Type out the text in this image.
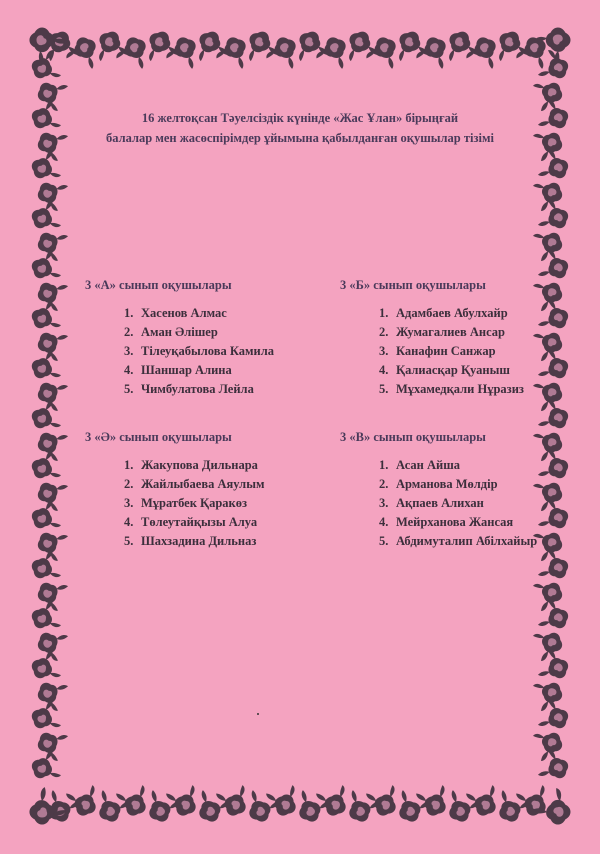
16 желтоқсан Тәуелсіздік күнінде «Жас Ұлан» бірыңғай
балалар мен жасөспірімдер ұйымына қабылданған оқушылар тізімі
3 «А» сынып оқушылары
1. Хасенов Алмас
2. Аман Әлішер
3. Тілеуқабылова Камила
4. Шаншар Алина
5. Чимбулатова Лейла
3 «Б» сынып оқушылары
1. Адамбаев Абулхайр
2. Жумагалиев Ансар
3. Канафин Санжар
4. Қалиасқар Қуаныш
5. Мұхамедқали Нұразиз
3 «Ә» сынып оқушылары
1. Жакупова Дильнара
2. Жайлыбаева Аяулым
3. Мұратбек Қаракөз
4. Төлеутайқызы Алуа
5. Шахзадина Дильназ
3 «В» сынып оқушылары
1. Асан Айша
2. Арманова Мөлдір
3. Ақпаев Алихан
4. Мейрханова Жансая
5. Абдимуталип Абілхайыр
